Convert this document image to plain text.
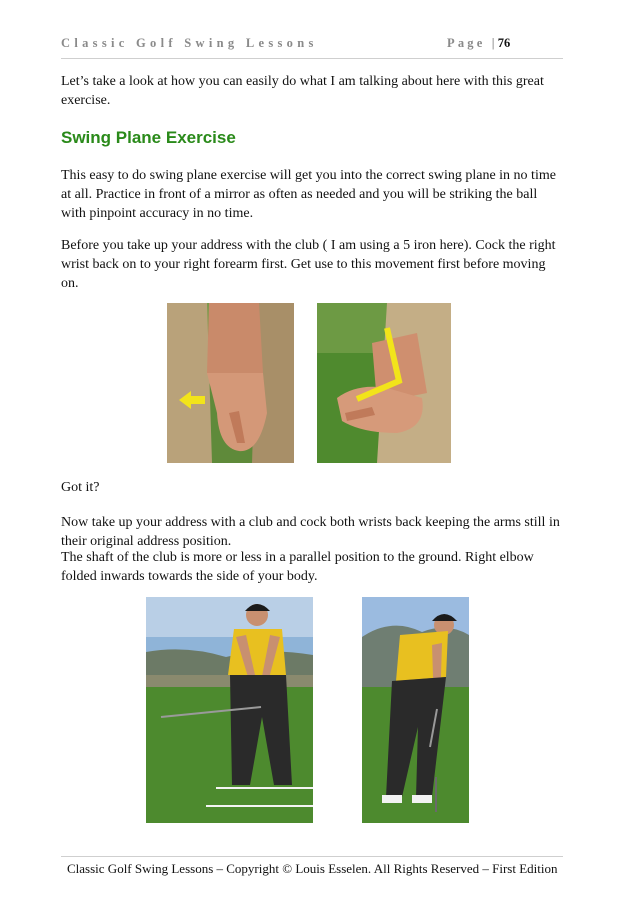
Classic Golf Swing Lessons	Page |76

Let’s take a look at how you can easily do what I am talking about here with this great exercise.

Swing Plane Exercise

This easy to do swing plane exercise will get you into the correct swing plane in no time at all. Practice in front of a mirror as often as needed and you will be striking the ball with pinpoint accuracy in no time.

Before you take up your address with the club ( I am using a 5 iron here). Cock the right wrist back on to your right forearm first. Get use to this movement first before moving on.

Got it?

Now take up your address with a club and cock both wrists back keeping the arms still in their original address position.

The shaft of the club is more or less in a parallel position to the ground. Right elbow folded inwards towards the side of your body.

Classic Golf Swing Lessons – Copyright © Louis Esselen. All Rights Reserved – First Edition
